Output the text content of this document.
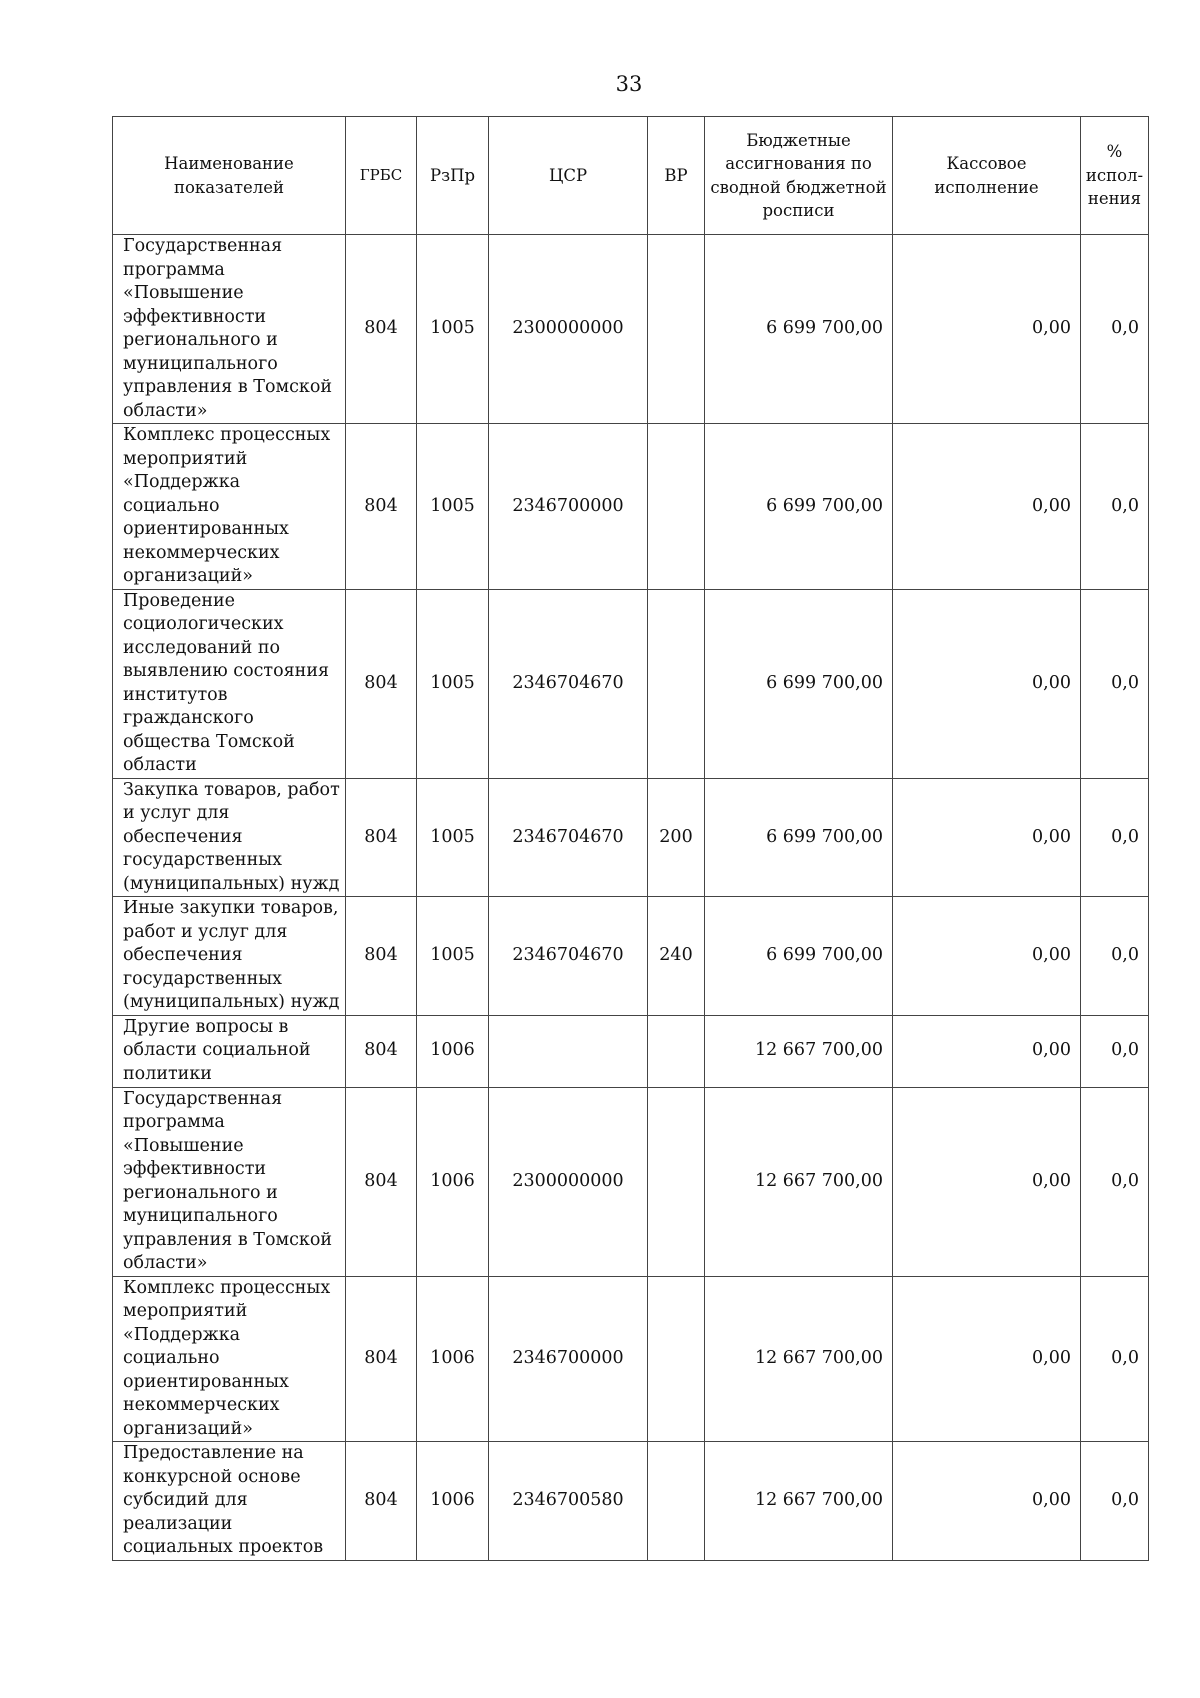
33
Наименование показателей	ГРБС	РзПр	ЦСР	ВР	Бюджетные ассигнования по сводной бюджетной росписи	Кассовое исполнение	% испол-нения
Государственная программа «Повышение эффективности регионального и муниципального управления в Томской области»	804	1005	2300000000		6 699 700,00	0,00	0,0
Комплекс процессных мероприятий «Поддержка социально ориентированных некоммерческих организаций»	804	1005	2346700000		6 699 700,00	0,00	0,0
Проведение социологических исследований по выявлению состояния институтов гражданского общества Томской области	804	1005	2346704670		6 699 700,00	0,00	0,0
Закупка товаров, работ и услуг для обеспечения государственных (муниципальных) нужд	804	1005	2346704670	200	6 699 700,00	0,00	0,0
Иные закупки товаров, работ и услуг для обеспечения государственных (муниципальных) нужд	804	1005	2346704670	240	6 699 700,00	0,00	0,0
Другие вопросы в области социальной политики	804	1006			12 667 700,00	0,00	0,0
Государственная программа «Повышение эффективности регионального и муниципального управления в Томской области»	804	1006	2300000000		12 667 700,00	0,00	0,0
Комплекс процессных мероприятий «Поддержка социально ориентированных некоммерческих организаций»	804	1006	2346700000		12 667 700,00	0,00	0,0
Предоставление на конкурсной основе субсидий для реализации социальных проектов	804	1006	2346700580		12 667 700,00	0,00	0,0
